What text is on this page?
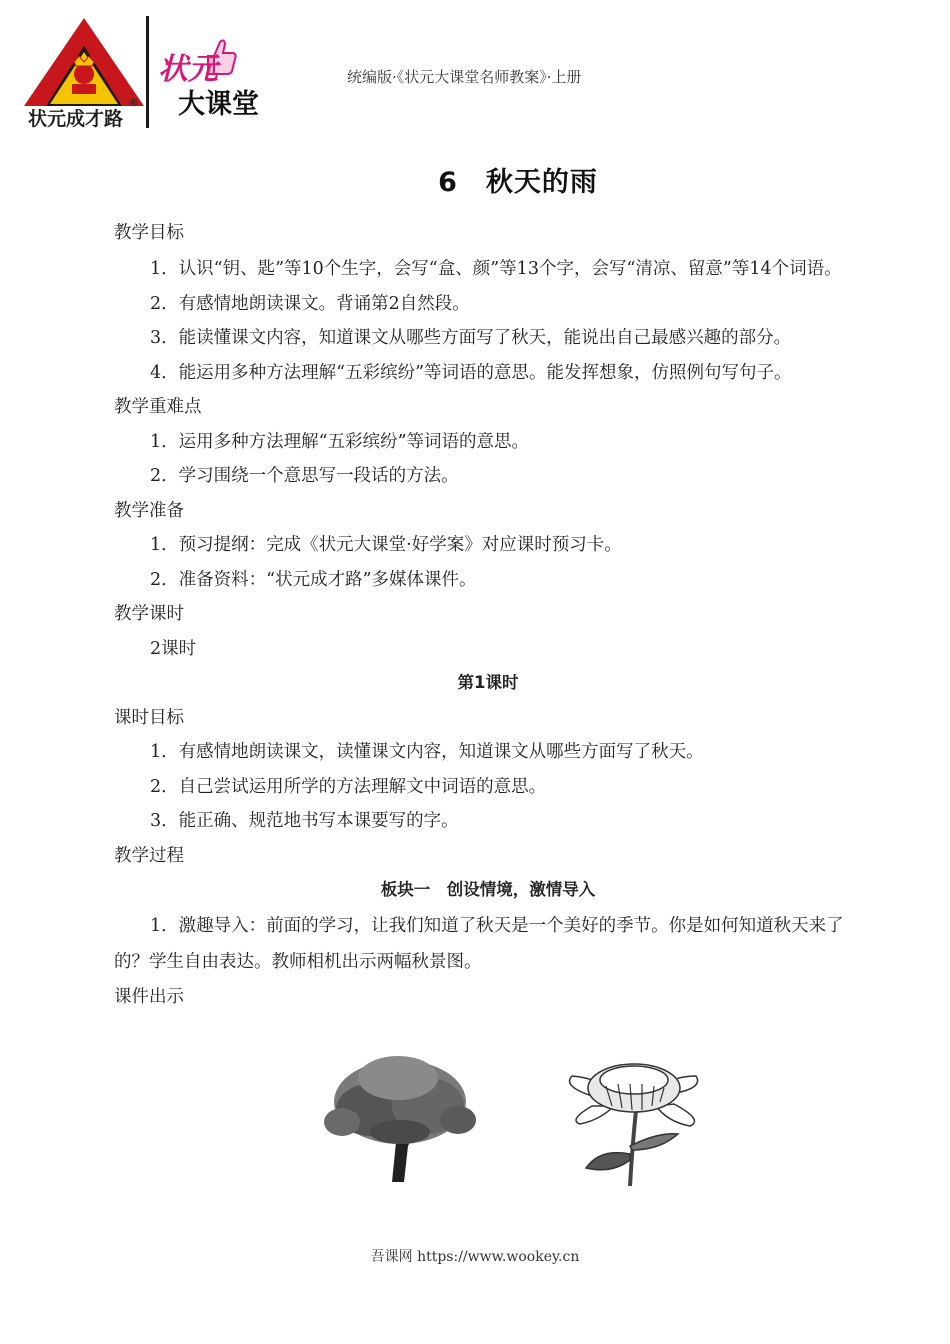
状元成才路
®
状元
大课堂
统编版·《状元大课堂名师教案》·上册
6　秋天的雨
教学目标
1．认识“钥、匙”等10个生字，会写“盒、颜”等13个字，会写“清凉、留意”等14个词语。
2．有感情地朗读课文。背诵第2自然段。
3．能读懂课文内容，知道课文从哪些方面写了秋天，能说出自己最感兴趣的部分。
4．能运用多种方法理解“五彩缤纷”等词语的意思。能发挥想象，仿照例句写句子。
教学重难点
1．运用多种方法理解“五彩缤纷”等词语的意思。
2．学习围绕一个意思写一段话的方法。
教学准备
1．预习提纲：完成《状元大课堂·好学案》对应课时预习卡。
2．准备资料：“状元成才路”多媒体课件。
教学课时
2课时
第1课时
课时目标
1．有感情地朗读课文，读懂课文内容，知道课文从哪些方面写了秋天。
2．自己尝试运用所学的方法理解文中词语的意思。
3．能正确、规范地书写本课要写的字。
教学过程
板块一　创设情境，激情导入
1．激趣导入：前面的学习，让我们知道了秋天是一个美好的季节。你是如何知道秋天来了的？学生自由表达。教师相机出示两幅秋景图。
课件出示
吾课网 https://www.wookey.cn
